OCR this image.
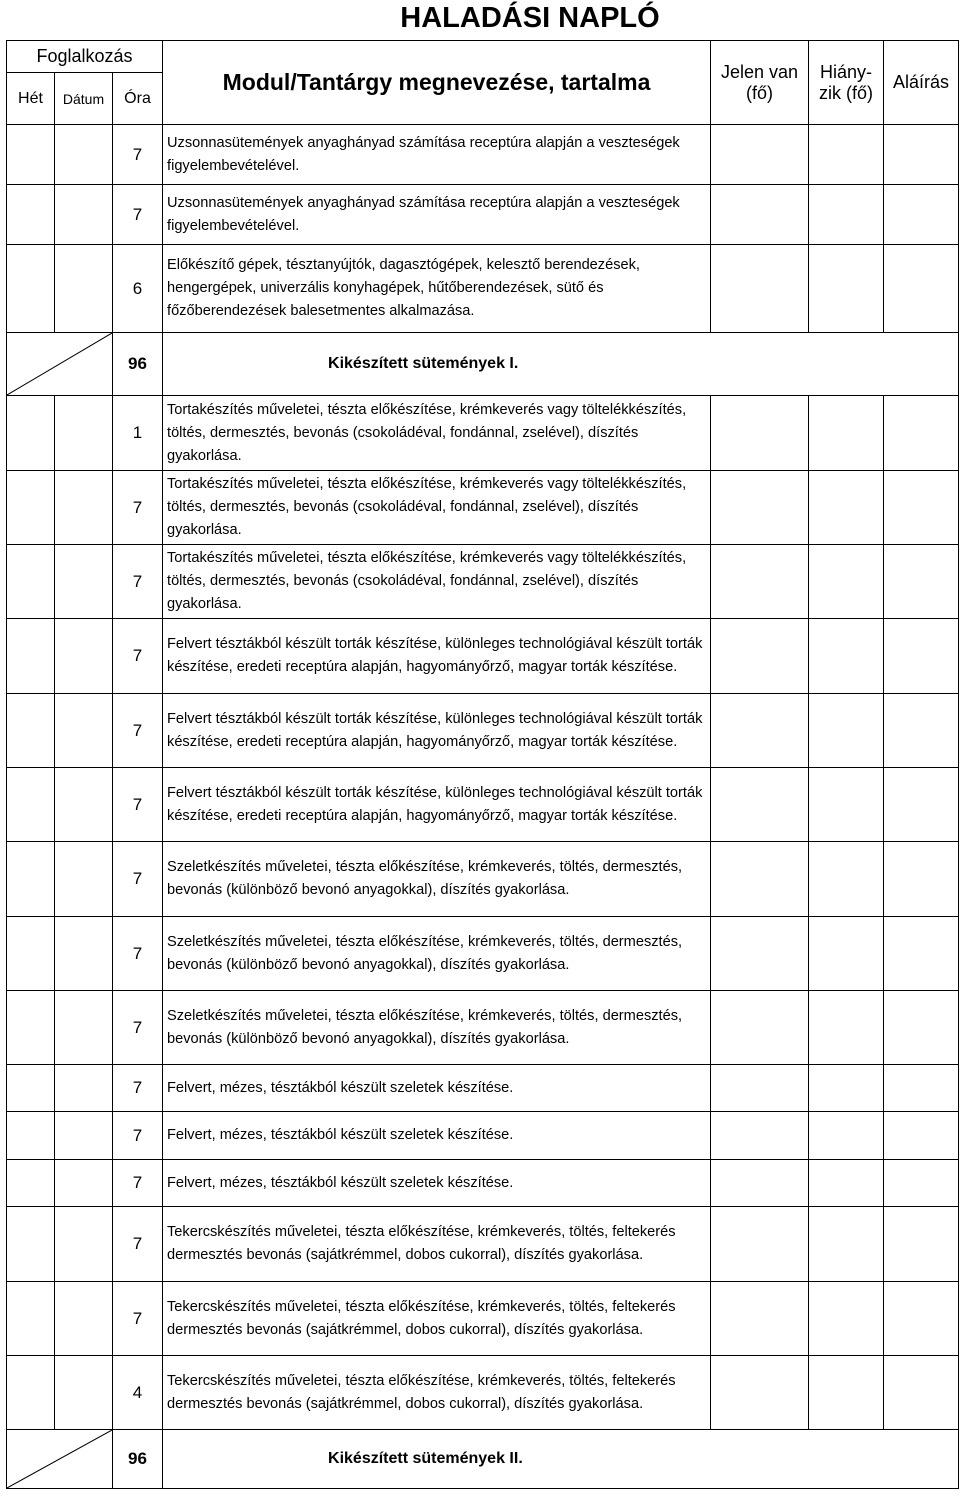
HALADÁSI NAPLÓ
Foglalkozás			Modul/Tantárgy megnevezése, tartalma	Jelen van (fő)	Hiány- zik (fő)	Aláírás
Hét	Dátum	Óra				
		7	Uzsonnasütemények anyaghányad számítása receptúra alapján a veszteségek figyelembevételével.			
		7	Uzsonnasütemények anyaghányad számítása receptúra alapján a veszteségek figyelembevételével.			
		6	Előkészítő gépek, tésztanyújtók, dagasztógépek, kelesztő berendezések, hengergépek, univerzális konyhagépek, hűtőberendezések, sütő és főzőberendezések balesetmentes alkalmazása.			

	96	Kikészített sütemények I.			
		1	Tortakészítés műveletei, tészta előkészítése, krémkeverés vagy töltelékkészítés, töltés, dermesztés, bevonás (csokoládéval, fondánnal, zselével), díszítés gyakorlása.			
		7	Tortakészítés műveletei, tészta előkészítése, krémkeverés vagy töltelékkészítés, töltés, dermesztés, bevonás (csokoládéval, fondánnal, zselével), díszítés gyakorlása.			
		7	Tortakészítés műveletei, tészta előkészítése, krémkeverés vagy töltelékkészítés, töltés, dermesztés, bevonás (csokoládéval, fondánnal, zselével), díszítés gyakorlása.			
		7	Felvert tésztákból készült torták készítése, különleges technológiával készült torták készítése, eredeti receptúra alapján, hagyományőrző, magyar torták készítése.			
		7	Felvert tésztákból készült torták készítése, különleges technológiával készült torták készítése, eredeti receptúra alapján, hagyományőrző, magyar torták készítése.			
		7	Felvert tésztákból készült torták készítése, különleges technológiával készült torták készítése, eredeti receptúra alapján, hagyományőrző, magyar torták készítése.			
		7	Szeletkészítés műveletei, tészta előkészítése, krémkeverés, töltés, dermesztés, bevonás (különböző bevonó anyagokkal), díszítés gyakorlása.			
		7	Szeletkészítés műveletei, tészta előkészítése, krémkeverés, töltés, dermesztés, bevonás (különböző bevonó anyagokkal), díszítés gyakorlása.			
		7	Szeletkészítés műveletei, tészta előkészítése, krémkeverés, töltés, dermesztés, bevonás (különböző bevonó anyagokkal), díszítés gyakorlása.			
		7	Felvert, mézes, tésztákból készült szeletek készítése.			
		7	Felvert, mézes, tésztákból készült szeletek készítése.			
		7	Felvert, mézes, tésztákból készült szeletek készítése.			
		7	Tekercskészítés műveletei, tészta előkészítése, krémkeverés, töltés, feltekerés dermesztés bevonás (sajátkrémmel, dobos cukorral), díszítés gyakorlása.			
		7	Tekercskészítés műveletei, tészta előkészítése, krémkeverés, töltés, feltekerés dermesztés bevonás (sajátkrémmel, dobos cukorral), díszítés gyakorlása.			
		4	Tekercskészítés műveletei, tészta előkészítése, krémkeverés, töltés, feltekerés dermesztés bevonás (sajátkrémmel, dobos cukorral), díszítés gyakorlása.			

	96	Kikészített sütemények II.			
